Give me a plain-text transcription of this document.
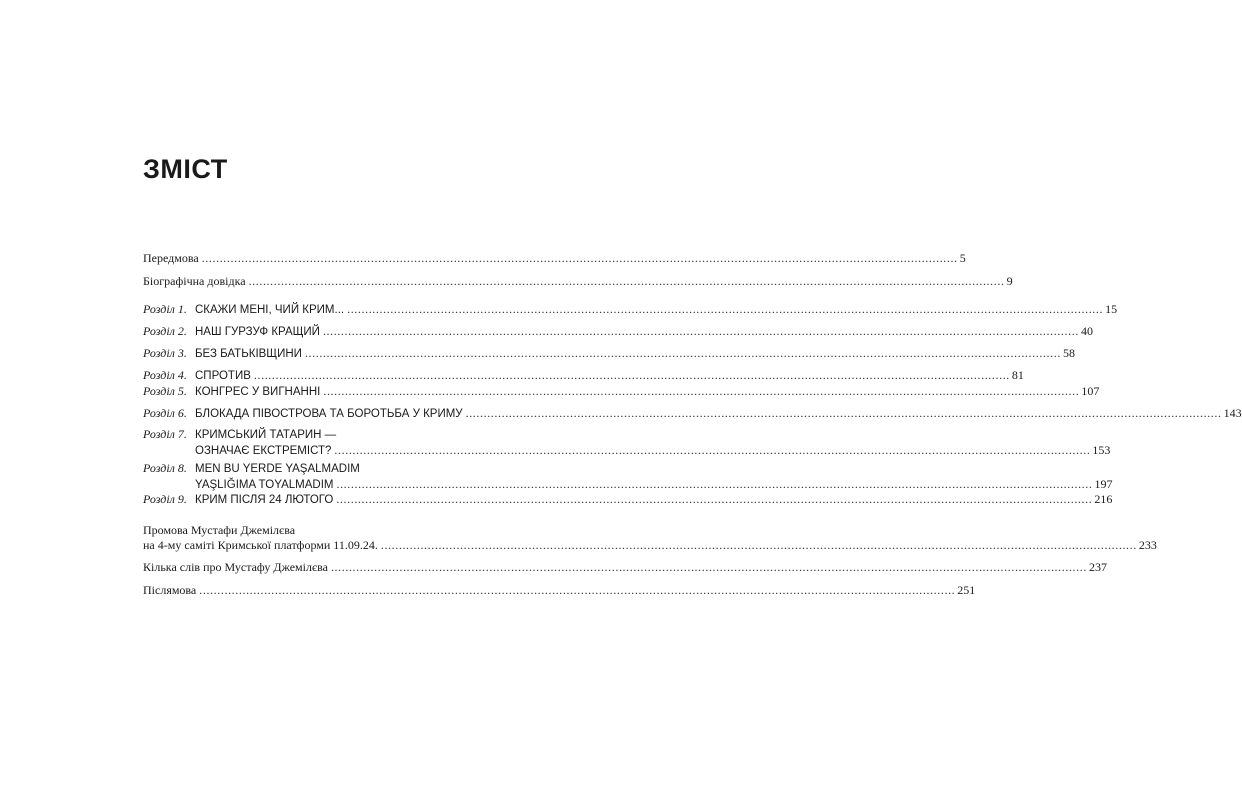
ЗМІСТ
Передмова .................................................................................................................................................................................................................. 5
Біографічна довідка .................................................................................................................................................................................................................. 9
Розділ 1. СКАЖИ МЕНІ, ЧИЙ КРИМ... .................................................................................................................................................................................................................. 15
Розділ 2. НАШ ГУРЗУФ КРАЩИЙ .................................................................................................................................................................................................................. 40
Розділ 3. БЕЗ БАТЬКІВЩИНИ .................................................................................................................................................................................................................. 58
Розділ 4. СПРОТИВ .................................................................................................................................................................................................................. 81
Розділ 5. КОНГРЕС У ВИГНАННІ .................................................................................................................................................................................................................. 107
Розділ 6. БЛОКАДА ПІВОСТРОВА ТА БОРОТЬБА У КРИМУ .................................................................................................................................................................................................................. 143
Розділ 7. КРИМСЬКИЙ ТАТАРИН —
ОЗНАЧАЄ ЕКСТРЕМІСТ? .................................................................................................................................................................................................................. 153
Розділ 8. MEN BU YERDE YAŞALMADIM
YAŞLIĞIMA TOYALMADIM .................................................................................................................................................................................................................. 197
Розділ 9. КРИМ ПІСЛЯ 24 ЛЮТОГО .................................................................................................................................................................................................................. 216
Промова Мустафи Джемілєва
на 4-му саміті Кримської платформи 11.09.24. .................................................................................................................................................................................................................. 233
Кілька слів про Мустафу Джемілєва .................................................................................................................................................................................................................. 237
Післямова .................................................................................................................................................................................................................. 251
